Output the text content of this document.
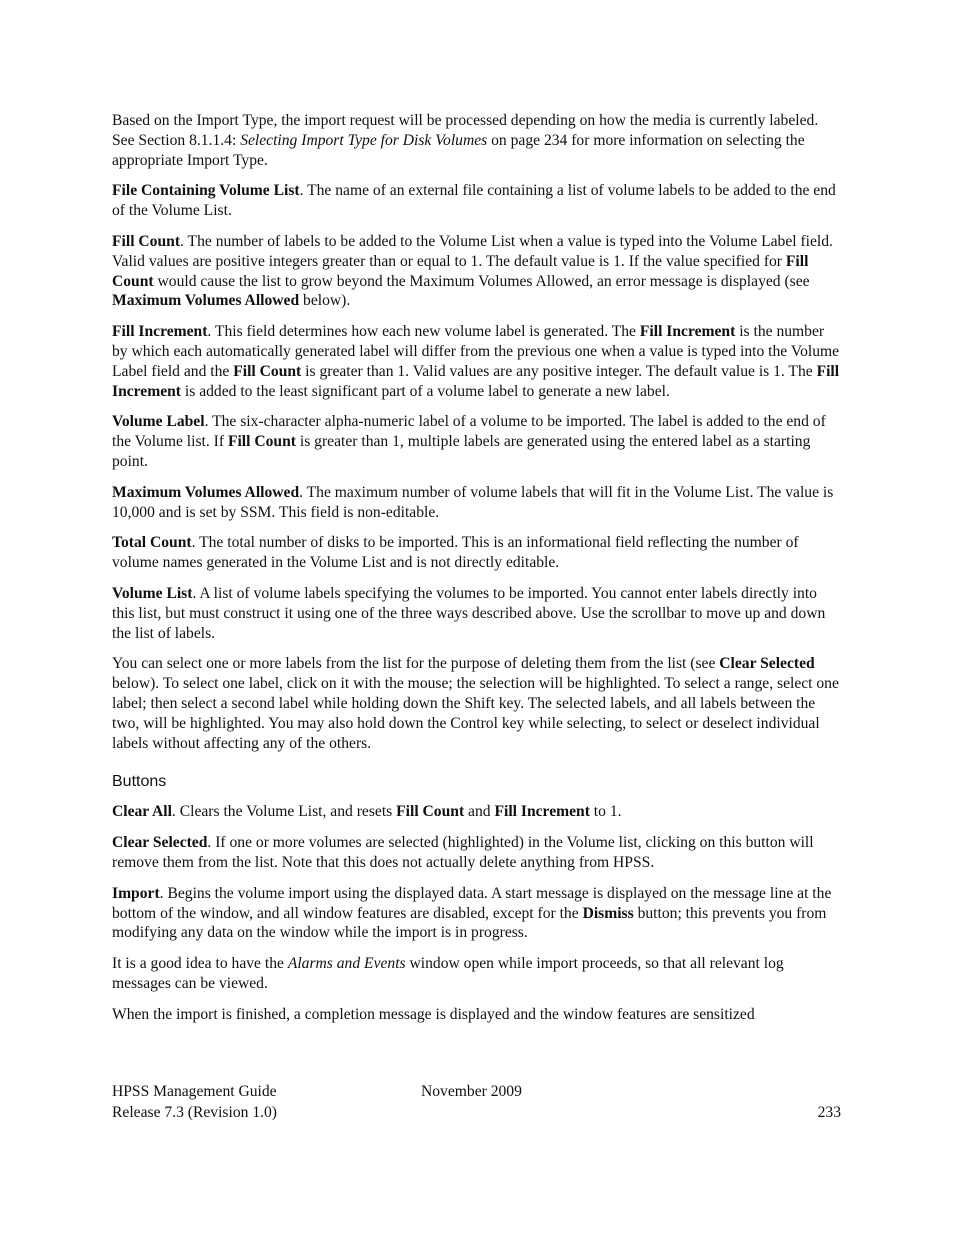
Based on the Import Type, the import request will be processed depending on how the media is currently labeled. See Section 8.1.1.4: Selecting Import Type for Disk Volumes on page 234 for more information on selecting the appropriate Import Type.

File Containing Volume List. The name of an external file containing a list of volume labels to be added to the end of the Volume List.

Fill Count. The number of labels to be added to the Volume List when a value is typed into the Volume Label field. Valid values are positive integers greater than or equal to 1. The default value is 1. If the value specified for Fill Count would cause the list to grow beyond the Maximum Volumes Allowed, an error message is displayed (see Maximum Volumes Allowed below).

Fill Increment. This field determines how each new volume label is generated. The Fill Increment is the number by which each automatically generated label will differ from the previous one when a value is typed into the Volume Label field and the Fill Count is greater than 1. Valid values are any positive integer. The default value is 1. The Fill Increment is added to the least significant part of a volume label to generate a new label.

Volume Label. The six-character alpha-numeric label of a volume to be imported. The label is added to the end of the Volume list. If Fill Count is greater than 1, multiple labels are generated using the entered label as a starting point.

Maximum Volumes Allowed. The maximum number of volume labels that will fit in the Volume List. The value is 10,000 and is set by SSM. This field is non-editable.

Total Count. The total number of disks to be imported. This is an informational field reflecting the number of volume names generated in the Volume List and is not directly editable.

Volume List. A list of volume labels specifying the volumes to be imported. You cannot enter labels directly into this list, but must construct it using one of the three ways described above. Use the scrollbar to move up and down the list of labels.

You can select one or more labels from the list for the purpose of deleting them from the list (see Clear Selected below). To select one label, click on it with the mouse; the selection will be highlighted. To select a range, select one label; then select a second label while holding down the Shift key. The selected labels, and all labels between the two, will be highlighted. You may also hold down the Control key while selecting, to select or deselect individual labels without affecting any of the others.

Buttons

Clear All. Clears the Volume List, and resets Fill Count and Fill Increment to 1.

Clear Selected. If one or more volumes are selected (highlighted) in the Volume list, clicking on this button will remove them from the list. Note that this does not actually delete anything from HPSS.

Import. Begins the volume import using the displayed data. A start message is displayed on the message line at the bottom of the window, and all window features are disabled, except for the Dismiss button; this prevents you from modifying any data on the window while the import is in progress.

It is a good idea to have the Alarms and Events window open while import proceeds, so that all relevant log messages can be viewed.

When the import is finished, a completion message is displayed and the window features are sensitized

HPSS Management Guide	November 2009
Release 7.3 (Revision 1.0)	233
